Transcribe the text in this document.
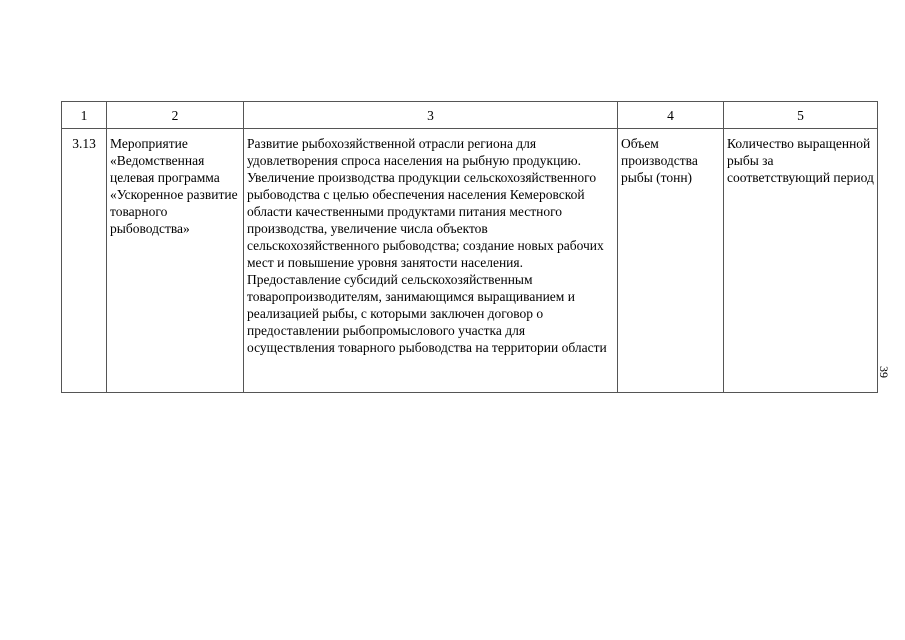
1	2	3	4	5
3.13	Мероприятие «Ведомственная целевая программа «Ускоренное развитие товарного рыбоводства»	Развитие рыбохозяйственной отрасли региона для удовлетворения спроса населения на рыбную продукцию. Увеличение производства продукции сельскохозяйственного рыбоводства с целью обеспечения населения Кемеровской области качественными продуктами питания местного производства, увеличение числа объектов сельскохозяйственного рыбоводства; создание новых рабочих мест и повышение уровня занятости населения. Предоставление субсидий сельскохозяйственным товаропроизводителям, занимающимся выращиванием и реализацией рыбы, с которыми заключен договор о предоставлении рыбопромыслового участка для осуществления товарного рыбоводства на территории области	Объем производства рыбы (тонн)	Количество выращенной рыбы за соответствующий период
39
